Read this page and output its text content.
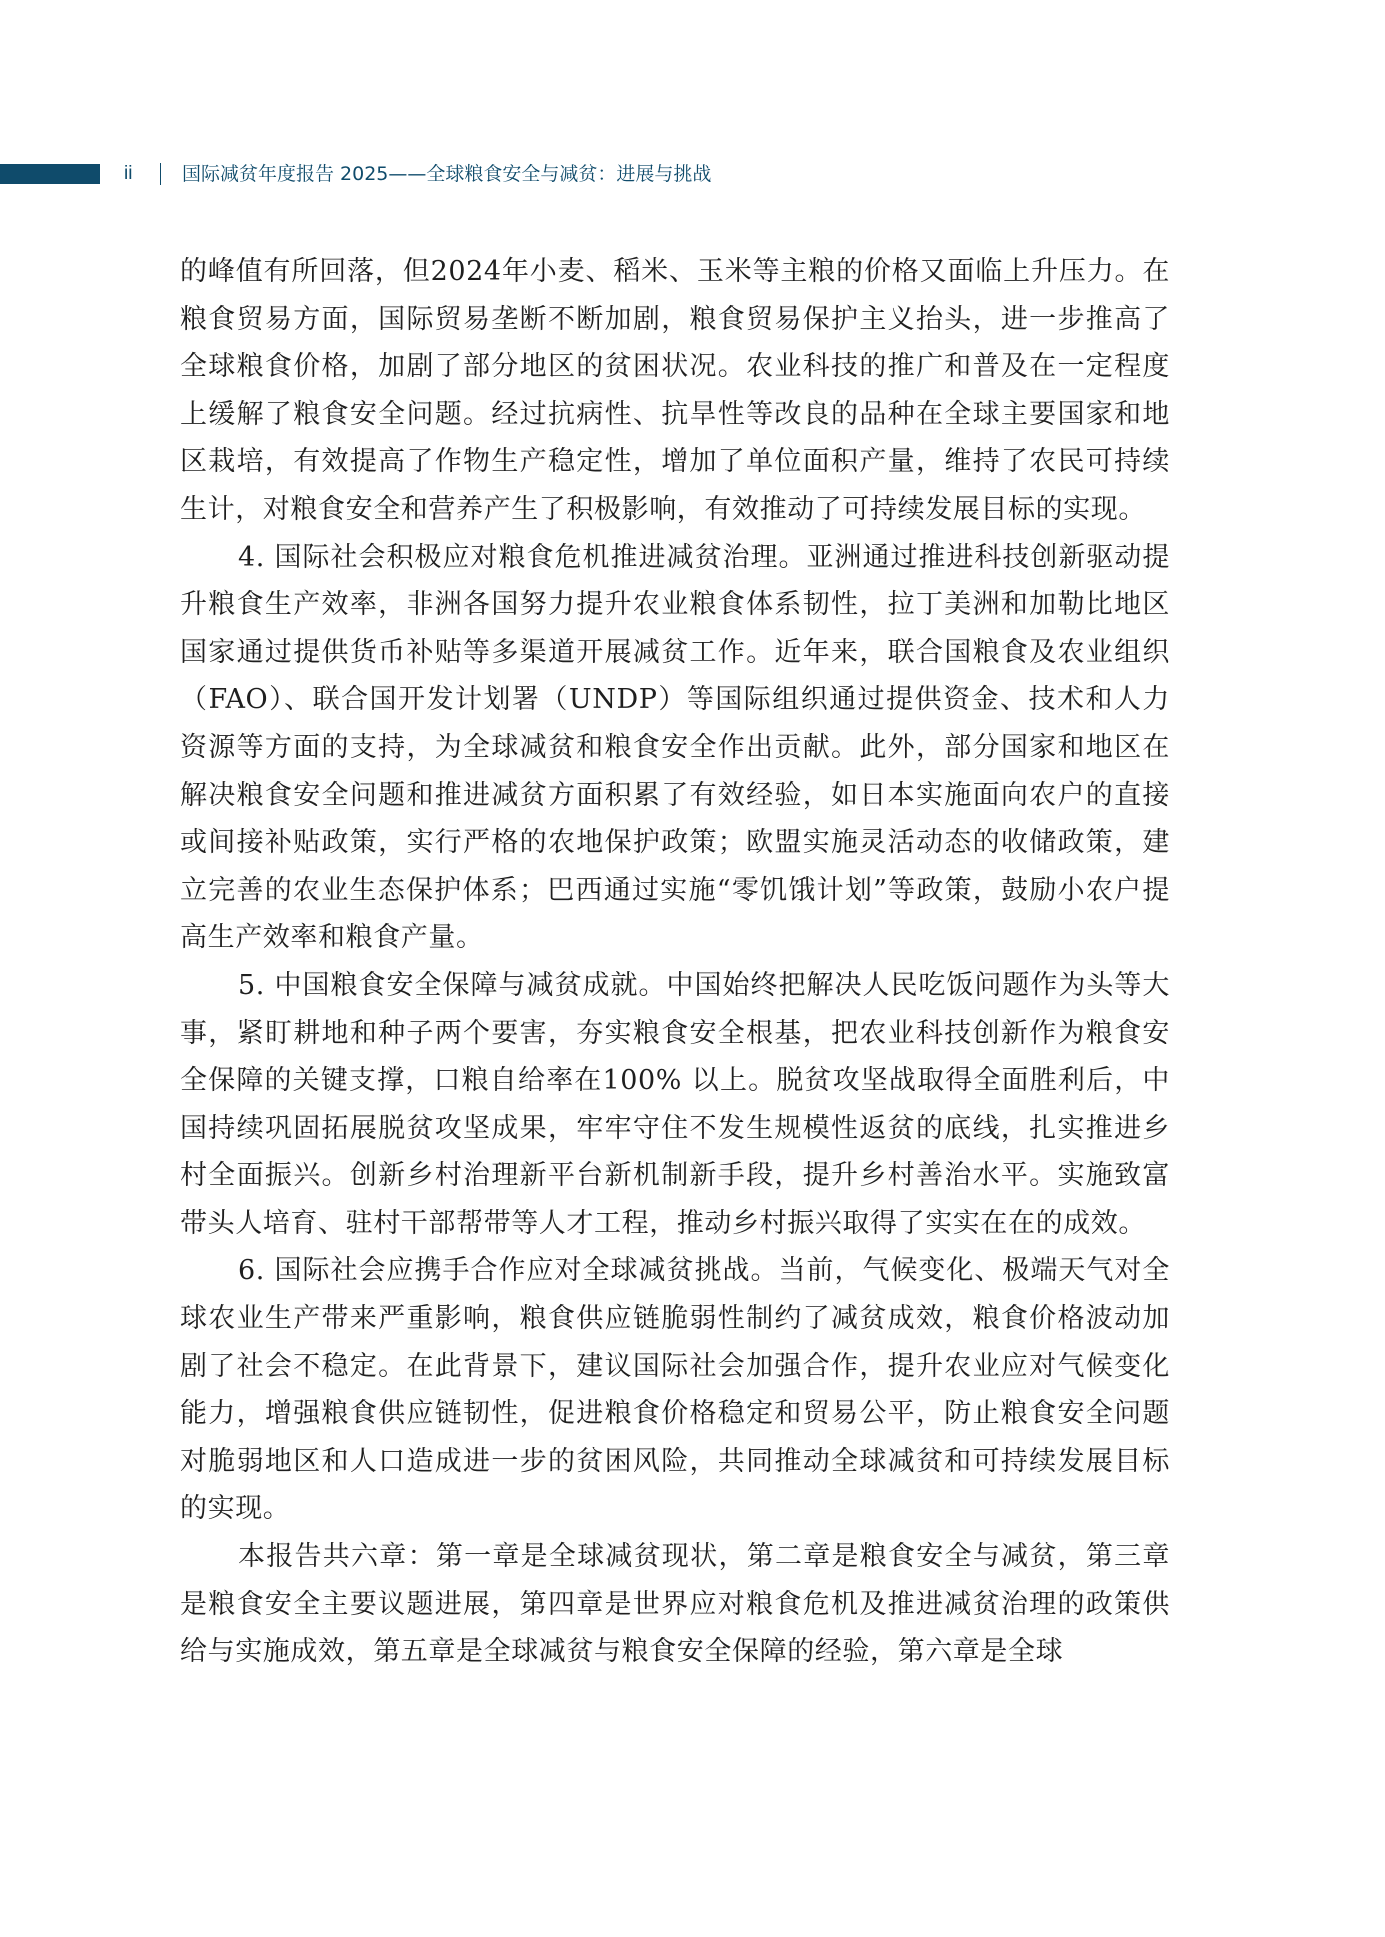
ii	国际减贫年度报告 2025——全球粮食安全与减贫：进展与挑战

的峰值有所回落，但2024年小麦、稻米、玉米等主粮的价格又面临上升压力。在粮食贸易方面，国际贸易垄断不断加剧，粮食贸易保护主义抬头，进一步推高了全球粮食价格，加剧了部分地区的贫困状况。农业科技的推广和普及在一定程度上缓解了粮食安全问题。经过抗病性、抗旱性等改良的品种在全球主要国家和地区栽培，有效提高了作物生产稳定性，增加了单位面积产量，维持了农民可持续生计，对粮食安全和营养产生了积极影响，有效推动了可持续发展目标的实现。

4. 国际社会积极应对粮食危机推进减贫治理。亚洲通过推进科技创新驱动提升粮食生产效率，非洲各国努力提升农业粮食体系韧性，拉丁美洲和加勒比地区国家通过提供货币补贴等多渠道开展减贫工作。近年来，联合国粮食及农业组织（FAO）、联合国开发计划署（UNDP）等国际组织通过提供资金、技术和人力资源等方面的支持，为全球减贫和粮食安全作出贡献。此外，部分国家和地区在解决粮食安全问题和推进减贫方面积累了有效经验，如日本实施面向农户的直接或间接补贴政策，实行严格的农地保护政策；欧盟实施灵活动态的收储政策，建立完善的农业生态保护体系；巴西通过实施“零饥饿计划”等政策，鼓励小农户提高生产效率和粮食产量。

5. 中国粮食安全保障与减贫成就。中国始终把解决人民吃饭问题作为头等大事，紧盯耕地和种子两个要害，夯实粮食安全根基，把农业科技创新作为粮食安全保障的关键支撑，口粮自给率在100% 以上。脱贫攻坚战取得全面胜利后，中国持续巩固拓展脱贫攻坚成果，牢牢守住不发生规模性返贫的底线，扎实推进乡村全面振兴。创新乡村治理新平台新机制新手段，提升乡村善治水平。实施致富带头人培育、驻村干部帮带等人才工程，推动乡村振兴取得了实实在在的成效。

6. 国际社会应携手合作应对全球减贫挑战。当前，气候变化、极端天气对全球农业生产带来严重影响，粮食供应链脆弱性制约了减贫成效，粮食价格波动加剧了社会不稳定。在此背景下，建议国际社会加强合作，提升农业应对气候变化能力，增强粮食供应链韧性，促进粮食价格稳定和贸易公平，防止粮食安全问题对脆弱地区和人口造成进一步的贫困风险，共同推动全球减贫和可持续发展目标的实现。

本报告共六章：第一章是全球减贫现状，第二章是粮食安全与减贫，第三章是粮食安全主要议题进展，第四章是世界应对粮食危机及推进减贫治理的政策供给与实施成效，第五章是全球减贫与粮食安全保障的经验，第六章是全球
